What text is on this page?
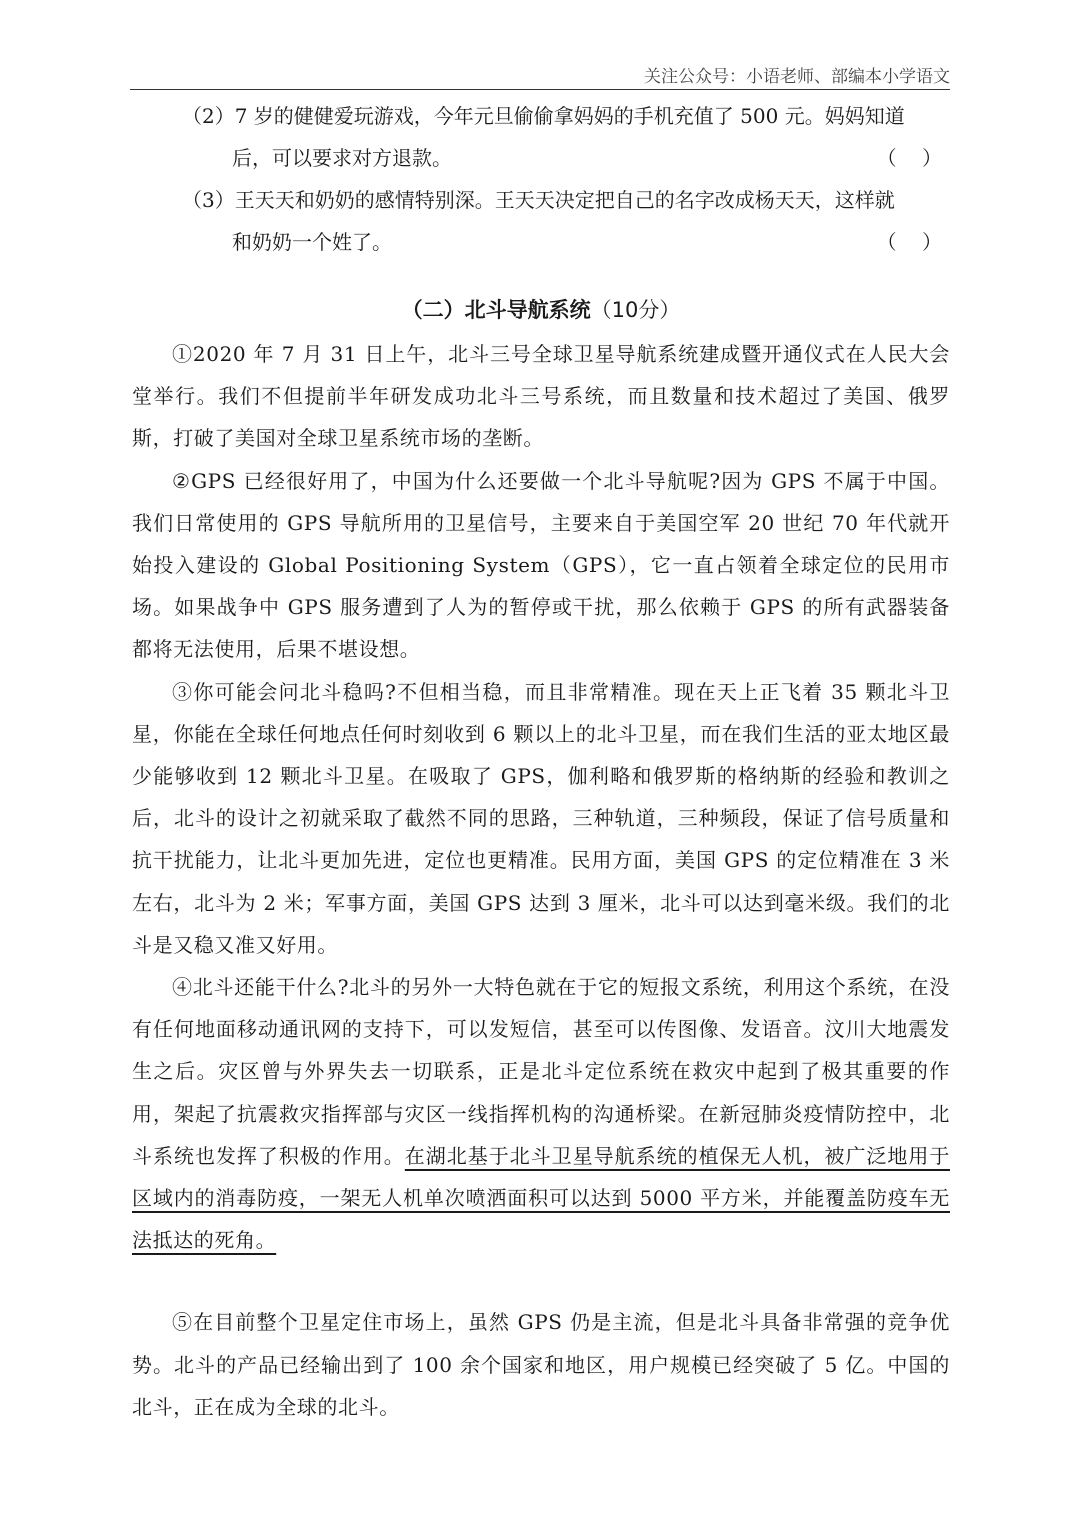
关注公众号：小语老师、部编本小学语文
（2）7 岁的健健爱玩游戏，今年元旦偷偷拿妈妈的手机充值了 500 元。妈妈知道
后，可以要求对方退款。	（    ）
（3）王天天和奶奶的感情特别深。王天天决定把自己的名字改成杨天天，这样就
和奶奶一个姓了。	（    ）
（二）北斗导航系统（10分）

①2020 年 7 月 31 日上午，北斗三号全球卫星导航系统建成暨开通仪式在人民大会堂举行。我们不但提前半年研发成功北斗三号系统，而且数量和技术超过了美国、俄罗斯，打破了美国对全球卫星系统市场的垄断。

②GPS 已经很好用了，中国为什么还要做一个北斗导航呢?因为 GPS 不属于中国。我们日常使用的 GPS 导航所用的卫星信号，主要来自于美国空军 20 世纪 70 年代就开始投入建设的 Global Positioning System（GPS），它一直占领着全球定位的民用市场。如果战争中 GPS 服务遭到了人为的暂停或干扰，那么依赖于 GPS 的所有武器装备都将无法使用，后果不堪设想。

③你可能会问北斗稳吗?不但相当稳，而且非常精准。现在天上正飞着 35 颗北斗卫星，你能在全球任何地点任何时刻收到 6 颗以上的北斗卫星，而在我们生活的亚太地区最少能够收到 12 颗北斗卫星。在吸取了 GPS，伽利略和俄罗斯的格纳斯的经验和教训之后，北斗的设计之初就采取了截然不同的思路，三种轨道，三种频段，保证了信号质量和抗干扰能力，让北斗更加先进，定位也更精准。民用方面，美国 GPS 的定位精准在 3 米左右，北斗为 2 米；军事方面，美国 GPS 达到 3 厘米，北斗可以达到毫米级。我们的北斗是又稳又准又好用。

④北斗还能干什么?北斗的另外一大特色就在于它的短报文系统，利用这个系统，在没有任何地面移动通讯网的支持下，可以发短信，甚至可以传图像、发语音。汶川大地震发生之后。灾区曾与外界失去一切联系，正是北斗定位系统在救灾中起到了极其重要的作用，架起了抗震救灾指挥部与灾区一线指挥机构的沟通桥梁。在新冠肺炎疫情防控中，北斗系统也发挥了积极的作用。在湖北基于北斗卫星导航系统的植保无人机，被广泛地用于区域内的消毒防疫，一架无人机单次喷洒面积可以达到 5000 平方米，并能覆盖防疫车无法抵达的死角。

⑤在目前整个卫星定住市场上，虽然 GPS 仍是主流，但是北斗具备非常强的竞争优势。北斗的产品已经输出到了 100 余个国家和地区，用户规模已经突破了 5 亿。中国的北斗，正在成为全球的北斗。
